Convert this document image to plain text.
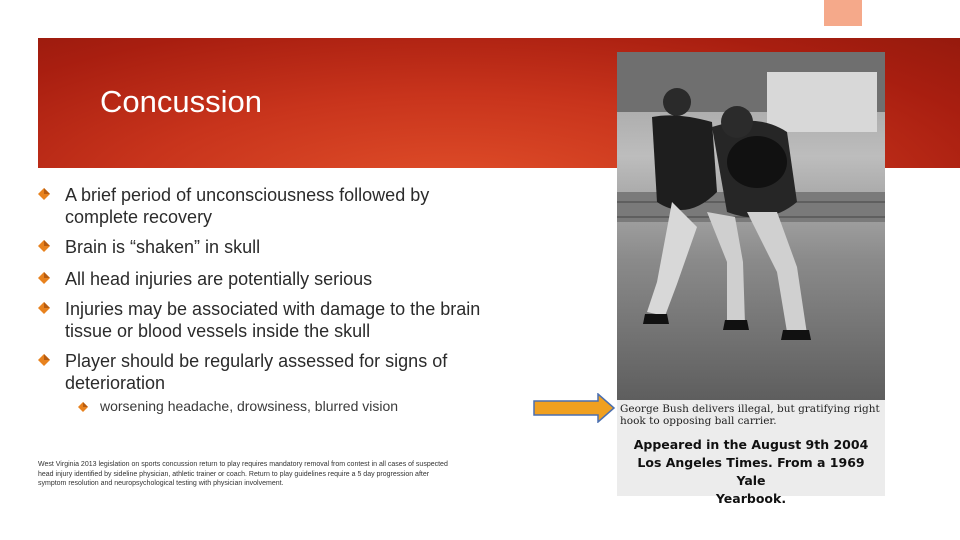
Concussion
A brief period of unconsciousness followed by
complete recovery
Brain is “shaken” in skull
All head injuries are potentially serious
Injuries may be associated with damage to the brain
tissue or blood vessels inside the skull
Player should be regularly assessed for signs of
deterioration
worsening headache, drowsiness, blurred vision
West Virginia 2013 legislation on sports concussion return to play requires mandatory removal from contest in all cases of suspected
head injury identified by sideline physician, athletic trainer or coach. Return to play guidelines require a 5 day progression after
symptom resolution and neuropsychological testing with physician involvement.
George Bush delivers illegal, but gratifying right
hook to opposing ball carrier.
Appeared in the August 9th 2004
Los Angeles Times. From a 1969 Yale
Yearbook.
